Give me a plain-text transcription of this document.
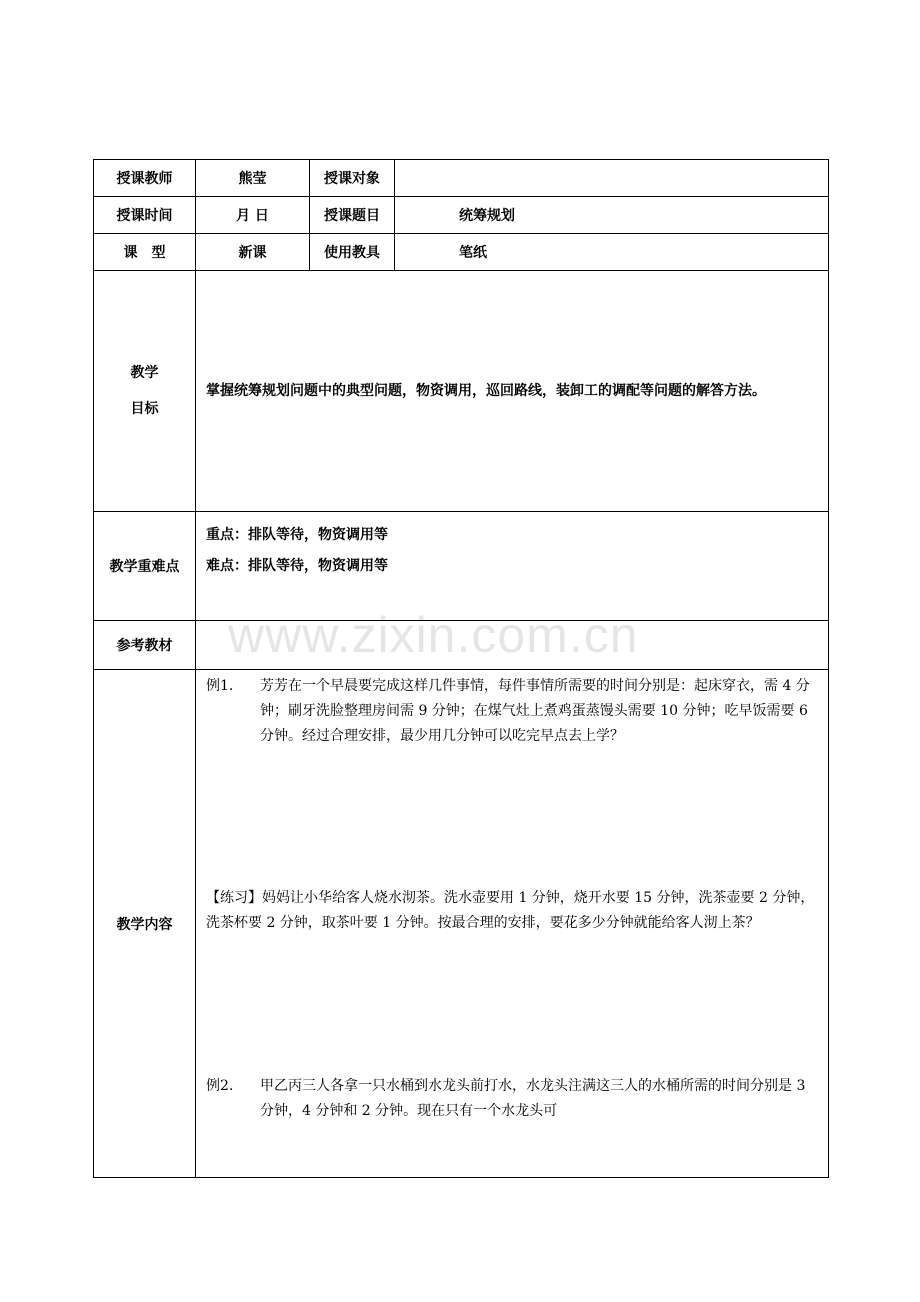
www.zixin.com.cn
授课教师	熊莹	授课对象	
授课时间	月 日	授课题目	统筹规划
课　型	新课	使用教具	笔纸

教学
目标	掌握统筹规划问题中的典型问题，物资调用，巡回路线，装卸工的调配等问题的解答方法。		
教学重难点	重点：排队等待，物资调用等
难点：排队等待，物资调用等		

参考教材			
教学内容	例1. 芳芳在一个早晨要完成这样几件事情，每件事情所需要的时间分别是：起床穿衣，需 4 分钟；刷牙洗脸整理房间需 9 分钟；在煤气灶上煮鸡蛋蒸馒头需要 10 分钟；吃早饭需要 6 分钟。经过合理安排，最少用几分钟可以吃完早点去上学？
【练习】妈妈让小华给客人烧水沏茶。洗水壶要用 1 分钟，烧开水要 15 分钟，洗茶壶要 2 分钟，洗茶杯要 2 分钟，取茶叶要 1 分钟。按最合理的安排，要花多少分钟就能给客人沏上茶？
例2. 甲乙丙三人各拿一只水桶到水龙头前打水，水龙头注满这三人的水桶所需的时间分别是 3 分钟，4 分钟和 2 分钟。现在只有一个水龙头可		
